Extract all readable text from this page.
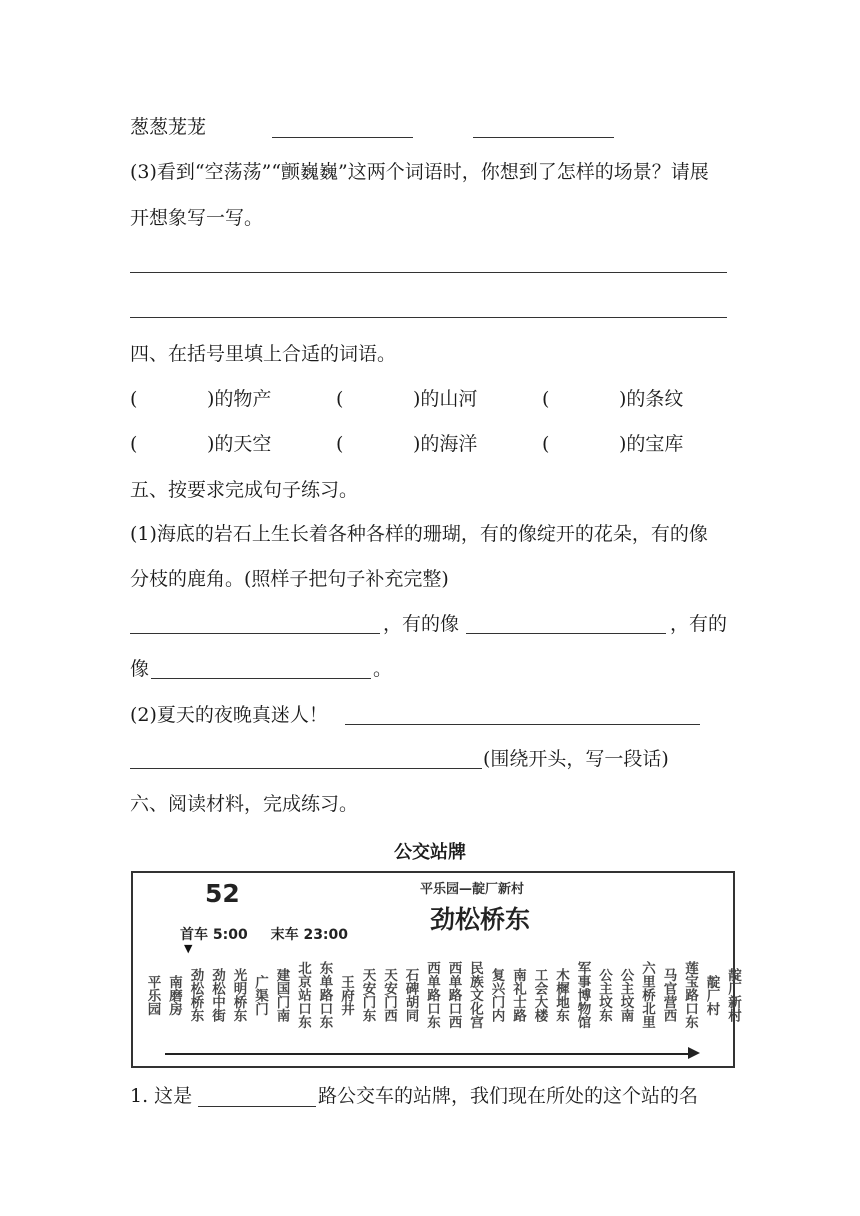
葱葱茏茏
(3)看到“空荡荡”“颤巍巍”这两个词语时，你想到了怎样的场景？请展
开想象写一写。
四、在括号里填上合适的词语。
(	)的物产	(	)的山河	(	)的条纹
(	)的天空	(	)的海洋	(	)的宝库
五、按要求完成句子练习。
(1)海底的岩石上生长着各种各样的珊瑚，有的像绽开的花朵，有的像
分枝的鹿角。(照样子把句子补充完整)
，有的像	，有的
像	。
(2)夏天的夜晚真迷人！
(围绕开头，写一段话)
六、阅读材料，完成练习。
公交站牌
52	平乐园—靛厂新村
劲松桥东
首车 5:00 末车 23:00
▼
平乐园 南磨房 劲松桥东 劲松中街 光明桥东 广渠门 建国门南 北京站口东 东单路口东 王府井 天安门东 天安门西 石碑胡同 西单路口东 西单路口西 民族文化宫 复兴门内 南礼士路 工会大楼 木樨地东 军事博物馆 公主坟东 公主坟南 六里桥北里 马官营西 莲宝路口东 靛厂村 靛厂新村
1. 这是	路公交车的站牌，我们现在所处的这个站的名
